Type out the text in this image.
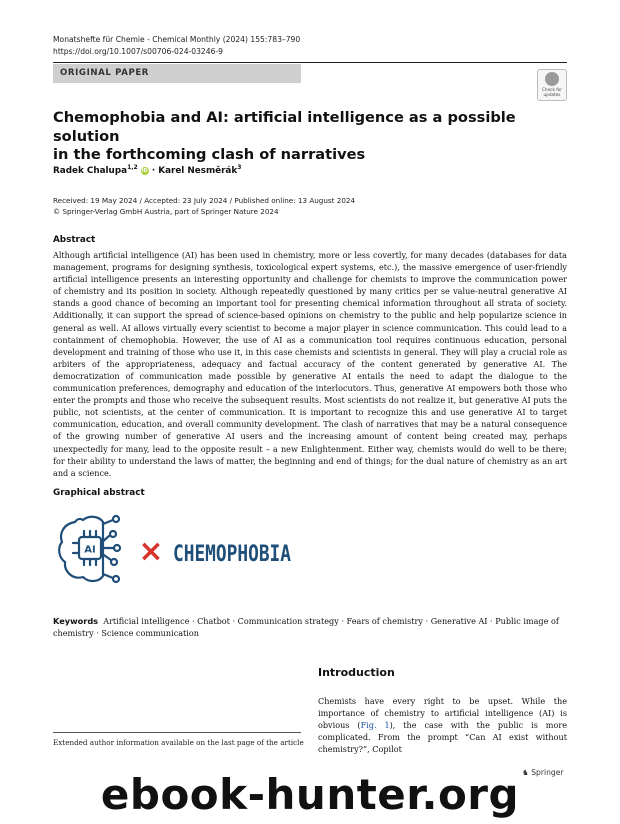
Monatshefte für Chemie - Chemical Monthly (2024) 155:783–790
https://doi.org/10.1007/s00706-024-03246-9
ORIGINAL PAPER
Check for updates
Chemophobia and AI: artificial intelligence as a possible solution
in the forthcoming clash of narratives
Radek Chalupa$^{1,2}$ iD · Karel Nesměrák$^3$
Received: 19 May 2024 / Accepted: 23 July 2024 / Published online: 13 August 2024
© Springer-Verlag GmbH Austria, part of Springer Nature 2024
Abstract
Although artificial intelligence (AI) has been used in chemistry, more or less covertly, for many decades (databases for data management, programs for designing synthesis, toxicological expert systems, etc.), the massive emergence of user-friendly artificial intelligence presents an interesting opportunity and challenge for chemists to improve the communication power of chemistry and its position in society. Although repeatedly questioned by many critics per se value-neutral generative AI stands a good chance of becoming an important tool for presenting chemical information throughout all strata of society. Additionally, it can support the spread of science-based opinions on chemistry to the public and help popularize science in general as well. AI allows virtually every scientist to become a major player in science communication. This could lead to a containment of chemophobia. However, the use of AI as a communication tool requires continuous education, personal development and training of those who use it, in this case chemists and scientists in general. They will play a crucial role as arbiters of the appropriateness, adequacy and factual accuracy of the content generated by generative AI. The democratization of communication made possible by generative AI entails the need to adapt the dialogue to the communication preferences, demography and education of the interlocutors. Thus, generative AI empowers both those who enter the prompts and those who receive the subsequent results. Most scientists do not realize it, but generative AI puts the public, not scientists, at the center of communication. It is important to recognize this and use generative AI to target communication, education, and overall community development. The clash of narratives that may be a natural consequence of the growing number of generative AI users and the increasing amount of content being created may, perhaps unexpectedly for many, lead to the opposite result – a new Enlightenment. Either way, chemists would do well to be there; for their ability to understand the laws of matter, the beginning and end of things; for the dual nature of chemistry as an art and a science.
Graphical abstract
AI × CHEMOPHOBIA
Keywords Artificial intelligence · Chatbot · Communication strategy · Fears of chemistry · Generative AI · Public image of chemistry · Science communication
Introduction
Chemists have every right to be upset. While the importance of chemistry to artificial intelligence (AI) is obvious (Fig. 1), the case with the public is more complicated. From the prompt “Can AI exist without chemistry?”, Copilot
Extended author information available on the last page of the article
♞ Springer
ebook-hunter.org
